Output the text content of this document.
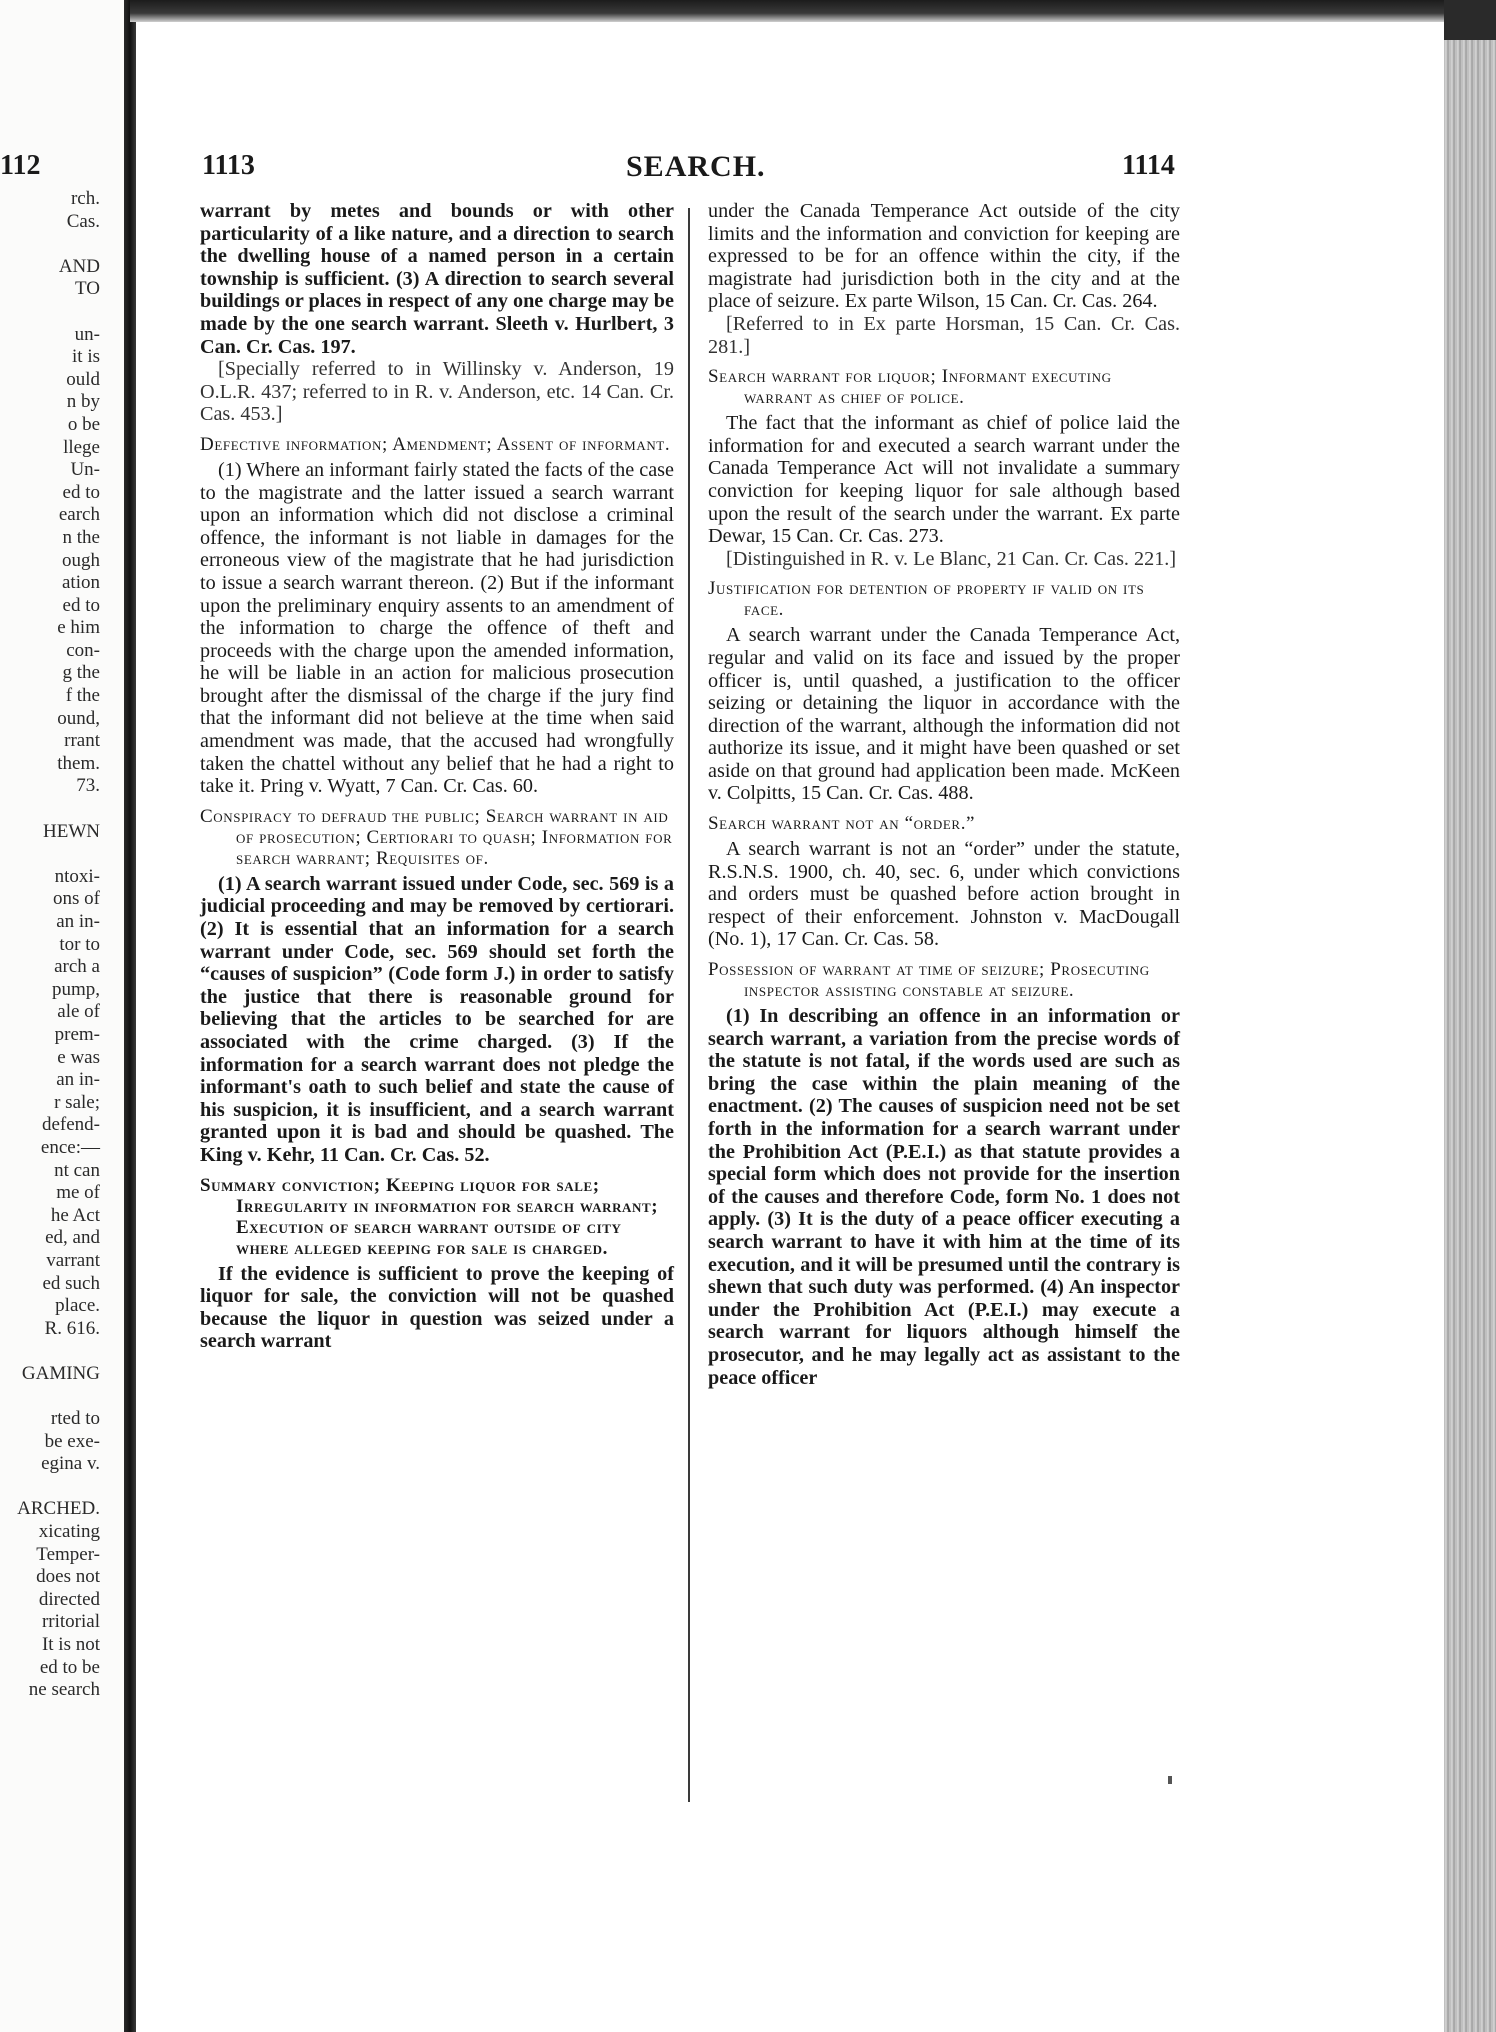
112
rch.
Cas.

AND
TO

un-
it is
ould
n by
o be
llege
Un-
ed to
earch
n the
ough
ation
ed to
e him
con-
g the
f the
ound,
rrant
them.
73.

HEWN

ntoxi-
ons of
an in-
tor to
arch a
pump,
ale of
prem-
e was
an in-
r sale;
defend-
ence:—
nt can
me of
he Act
ed, and
varrant
ed such
place.
R. 616.

GAMING

rted to
be exe-
egina v.

ARCHED.
xicating
Temper-
does not
directed
rritorial
It is not
ed to be
ne search
1113	SEARCH.	1114

warrant by metes and bounds or with other particularity of a like nature, and a direction to search the dwelling house of a named person in a certain township is sufficient. (3) A direction to search several buildings or places in respect of any one charge may be made by the one search warrant. Sleeth v. Hurlbert, 3 Can. Cr. Cas. 197.

[Specially referred to in Willinsky v. Anderson, 19 O.L.R. 437; referred to in R. v. Anderson, etc. 14 Can. Cr. Cas. 453.]

Defective information; Amendment; Assent of informant.

(1) Where an informant fairly stated the facts of the case to the magistrate and the latter issued a search warrant upon an information which did not disclose a criminal offence, the informant is not liable in damages for the erroneous view of the magistrate that he had jurisdiction to issue a search warrant thereon. (2) But if the informant upon the preliminary enquiry assents to an amendment of the information to charge the offence of theft and proceeds with the charge upon the amended information, he will be liable in an action for malicious prosecution brought after the dismissal of the charge if the jury find that the informant did not believe at the time when said amendment was made, that the accused had wrongfully taken the chattel without any belief that he had a right to take it. Pring v. Wyatt, 7 Can. Cr. Cas. 60.

Conspiracy to defraud the public; Search warrant in aid of prosecution; Certiorari to quash; Information for search warrant; Requisites of.

(1) A search warrant issued under Code, sec. 569 is a judicial proceeding and may be removed by certiorari. (2) It is essential that an information for a search warrant under Code, sec. 569 should set forth the “causes of suspicion” (Code form J.) in order to satisfy the justice that there is reasonable ground for believing that the articles to be searched for are associated with the crime charged. (3) If the information for a search warrant does not pledge the informant's oath to such belief and state the cause of his suspicion, it is insufficient, and a search warrant granted upon it is bad and should be quashed. The King v. Kehr, 11 Can. Cr. Cas. 52.

Summary conviction; Keeping liquor for sale; Irregularity in information for search warrant; Execution of search warrant outside of city where alleged keeping for sale is charged.

If the evidence is sufficient to prove the keeping of liquor for sale, the conviction will not be quashed because the liquor in question was seized under a search warrant

under the Canada Temperance Act outside of the city limits and the information and conviction for keeping are expressed to be for an offence within the city, if the magistrate had jurisdiction both in the city and at the place of seizure. Ex parte Wilson, 15 Can. Cr. Cas. 264.

[Referred to in Ex parte Horsman, 15 Can. Cr. Cas. 281.]

Search warrant for liquor; Informant executing warrant as chief of police.

The fact that the informant as chief of police laid the information for and executed a search warrant under the Canada Temperance Act will not invalidate a summary conviction for keeping liquor for sale although based upon the result of the search under the warrant. Ex parte Dewar, 15 Can. Cr. Cas. 273.

[Distinguished in R. v. Le Blanc, 21 Can. Cr. Cas. 221.]

Justification for detention of property if valid on its face.

A search warrant under the Canada Temperance Act, regular and valid on its face and issued by the proper officer is, until quashed, a justification to the officer seizing or detaining the liquor in accordance with the direction of the warrant, although the information did not authorize its issue, and it might have been quashed or set aside on that ground had application been made. McKeen v. Colpitts, 15 Can. Cr. Cas. 488.

Search warrant not an “order.”

A search warrant is not an “order” under the statute, R.S.N.S. 1900, ch. 40, sec. 6, under which convictions and orders must be quashed before action brought in respect of their enforcement. Johnston v. MacDougall (No. 1), 17 Can. Cr. Cas. 58.

Possession of warrant at time of seizure; Prosecuting inspector assisting constable at seizure.

(1) In describing an offence in an information or search warrant, a variation from the precise words of the statute is not fatal, if the words used are such as bring the case within the plain meaning of the enactment. (2) The causes of suspicion need not be set forth in the information for a search warrant under the Prohibition Act (P.E.I.) as that statute provides a special form which does not provide for the insertion of the causes and therefore Code, form No. 1 does not apply. (3) It is the duty of a peace officer executing a search warrant to have it with him at the time of its execution, and it will be presumed until the contrary is shewn that such duty was performed. (4) An inspector under the Prohibition Act (P.E.I.) may execute a search warrant for liquors although himself the prosecutor, and he may legally act as assistant to the peace officer
